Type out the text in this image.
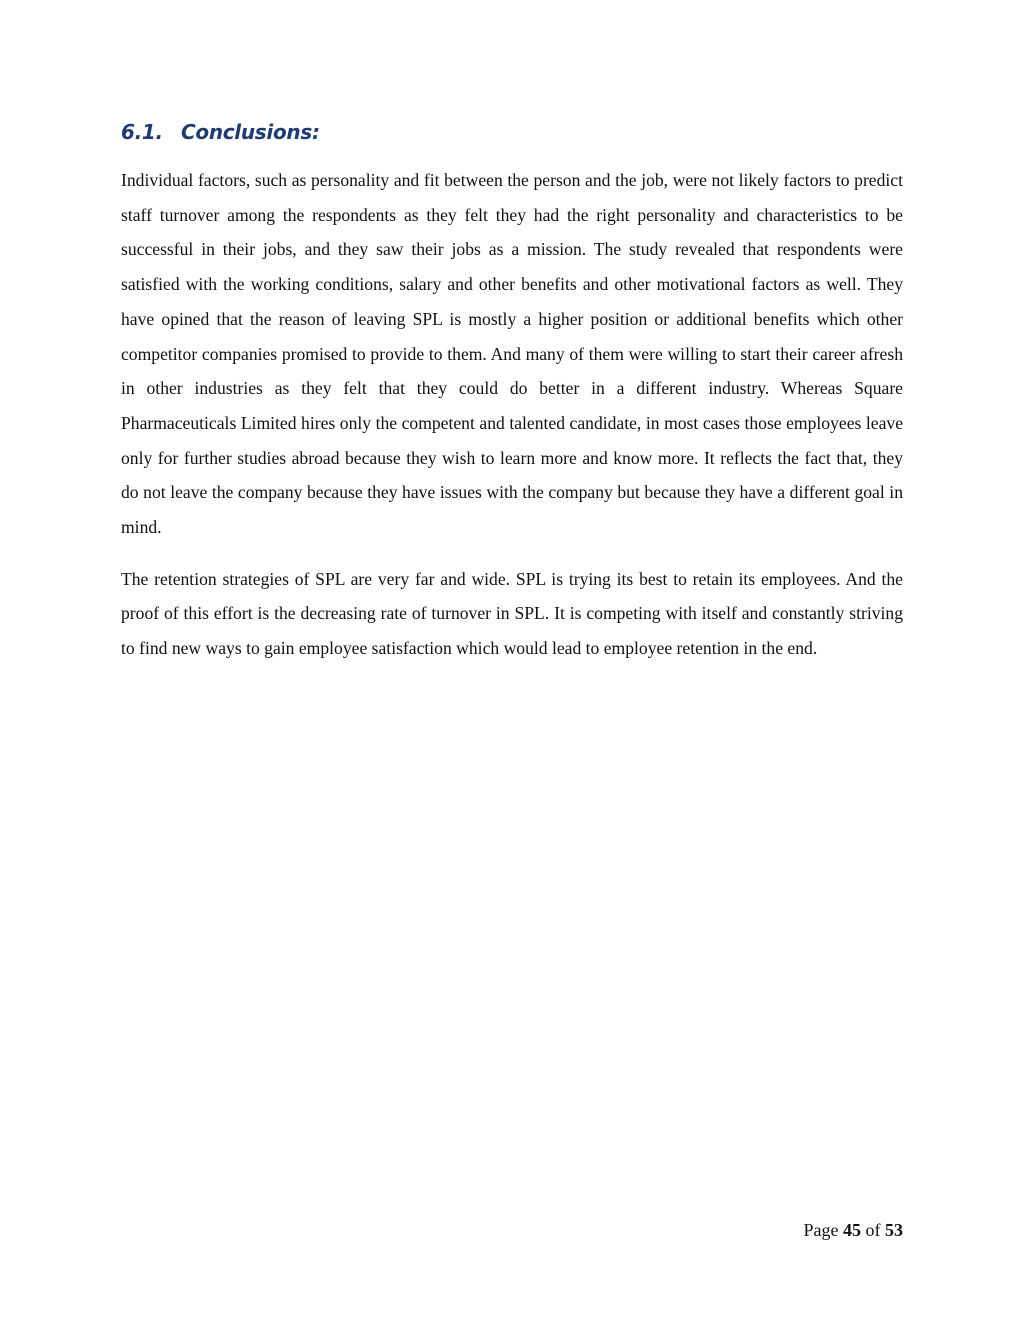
6.1. Conclusions:

Individual factors, such as personality and fit between the person and the job, were not likely factors to predict staff turnover among the respondents as they felt they had the right personality and characteristics to be successful in their jobs, and they saw their jobs as a mission. The study revealed that respondents were satisfied with the working conditions, salary and other benefits and other motivational factors as well. They have opined that the reason of leaving SPL is mostly a higher position or additional benefits which other competitor companies promised to provide to them. And many of them were willing to start their career afresh in other industries as they felt that they could do better in a different industry. Whereas Square Pharmaceuticals Limited hires only the competent and talented candidate, in most cases those employees leave only for further studies abroad because they wish to learn more and know more. It reflects the fact that, they do not leave the company because they have issues with the company but because they have a different goal in mind.

The retention strategies of SPL are very far and wide. SPL is trying its best to retain its employees. And the proof of this effort is the decreasing rate of turnover in SPL. It is competing with itself and constantly striving to find new ways to gain employee satisfaction which would lead to employee retention in the end.

Page 45 of 53
